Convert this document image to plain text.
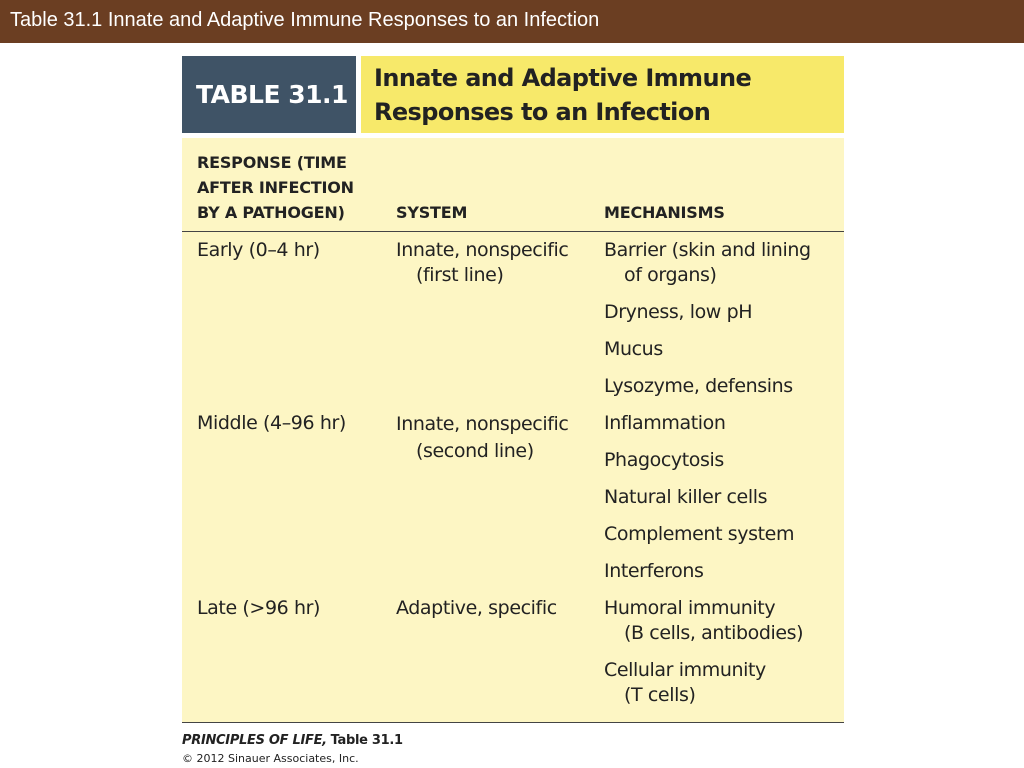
Table 31.1 Innate and Adaptive Immune Responses to an Infection
TABLE 31.1
Innate and Adaptive Immune
Responses to an Infection
RESPONSE (TIME
AFTER INFECTION
BY A PATHOGEN)	SYSTEM	MECHANISMS
Early (0–4 hr)
Middle (4–96 hr)
Late (>96 hr)
Innate, nonspecific
(first line)
Innate, nonspecific
(second line)
Adaptive, specific
Barrier (skin and lining
of organs)
Dryness, low pH
Mucus
Lysozyme, defensins
Inflammation
Phagocytosis
Natural killer cells
Complement system
Interferons
Humoral immunity
(B cells, antibodies)
Cellular immunity
(T cells)
PRINCIPLES OF LIFE, Table 31.1
© 2012 Sinauer Associates, Inc.
